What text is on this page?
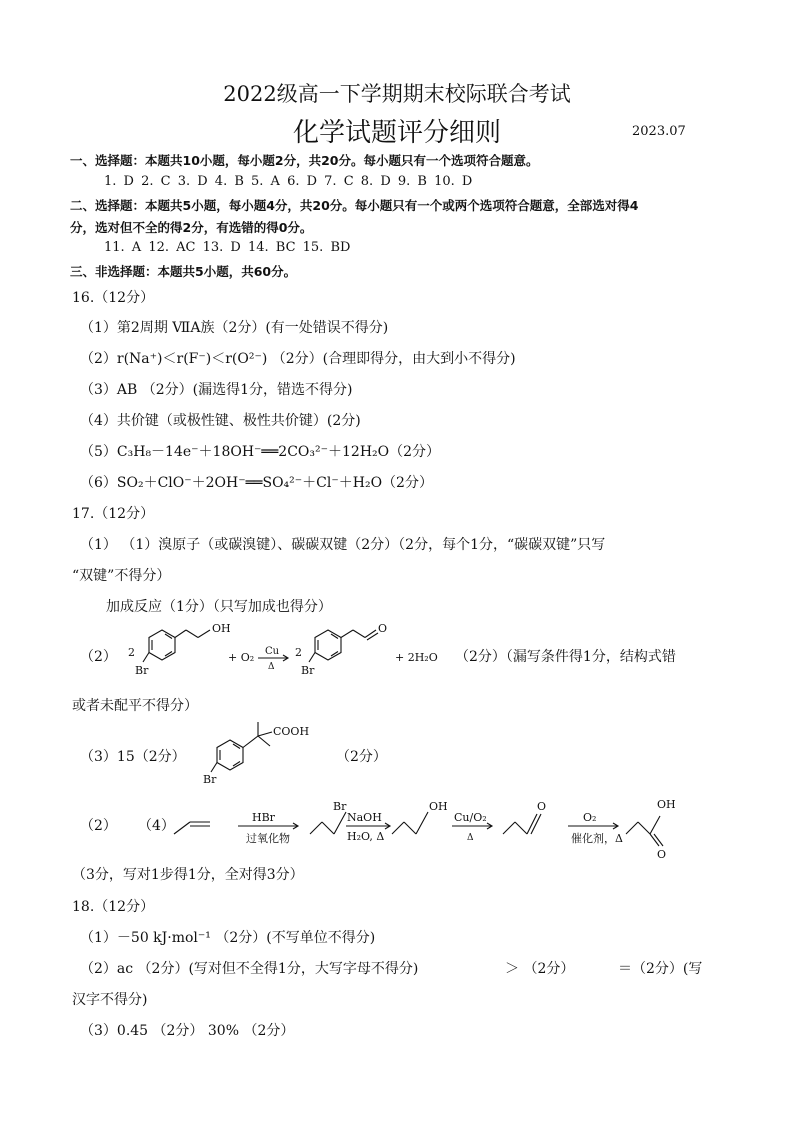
2022级高一下学期期末校际联合考试
化学试题评分细则	2023.07
一、选择题：本题共10小题，每小题2分，共20分。每小题只有一个选项符合题意。
1. D 2. C 3. D 4. B 5. A 6. D 7. C 8. D 9. B 10. D
二、选择题：本题共5小题，每小题4分，共20分。每小题只有一个或两个选项符合题意，全部选对得4
分，选对但不全的得2分，有选错的得0分。
11. A 12. AC 13. D 14. BC 15. BD
三、非选择题：本题共5小题，共60分。
16.（12分）
（1）第2周期 ⅦA族（2分）(有一处错误不得分)
（2）r(Na⁺)＜r(F⁻)＜r(O²⁻) （2分）(合理即得分，由大到小不得分)
（3）AB （2分）(漏选得1分，错选不得分)
（4）共价键（或极性键、极性共价键）(2分)
（5）C₃H₈－14e⁻＋18OH⁻══2CO₃²⁻＋12H₂O（2分）
（6）SO₂＋ClO⁻＋2OH⁻══SO₄²⁻＋Cl⁻＋H₂O（2分）
17.（12分）
（1） （1）溴原子（或碳溴键）、碳碳双键（2分）（2分，每个1分，“碳碳双键”只写
“双键”不得分）
加成反应（1分）（只写加成也得分）
（2） 2
Br
OH
+ O₂ Cu
Δ
2
Br
O
+ 2H₂O （2分）（漏写条件得1分，结构式错
或者未配平不得分）
（3）15（2分）
COOH
Br
（2分）
（2） （4）
HBr
过氧化物
Br
NaOH
H₂O, Δ
OH
Cu/O₂
Δ
O
O₂
催化剂，Δ
OH
O
（3分，写对1步得1分，全对得3分）
18.（12分）
（1）－50 kJ·mol⁻¹ （2分）(不写单位不得分)
（2）ac （2分）(写对但不全得1分，大写字母不得分)	＞ （2分）	＝（2分）(写
汉字不得分)
（3）0.45 （2分） 30% （2分）
